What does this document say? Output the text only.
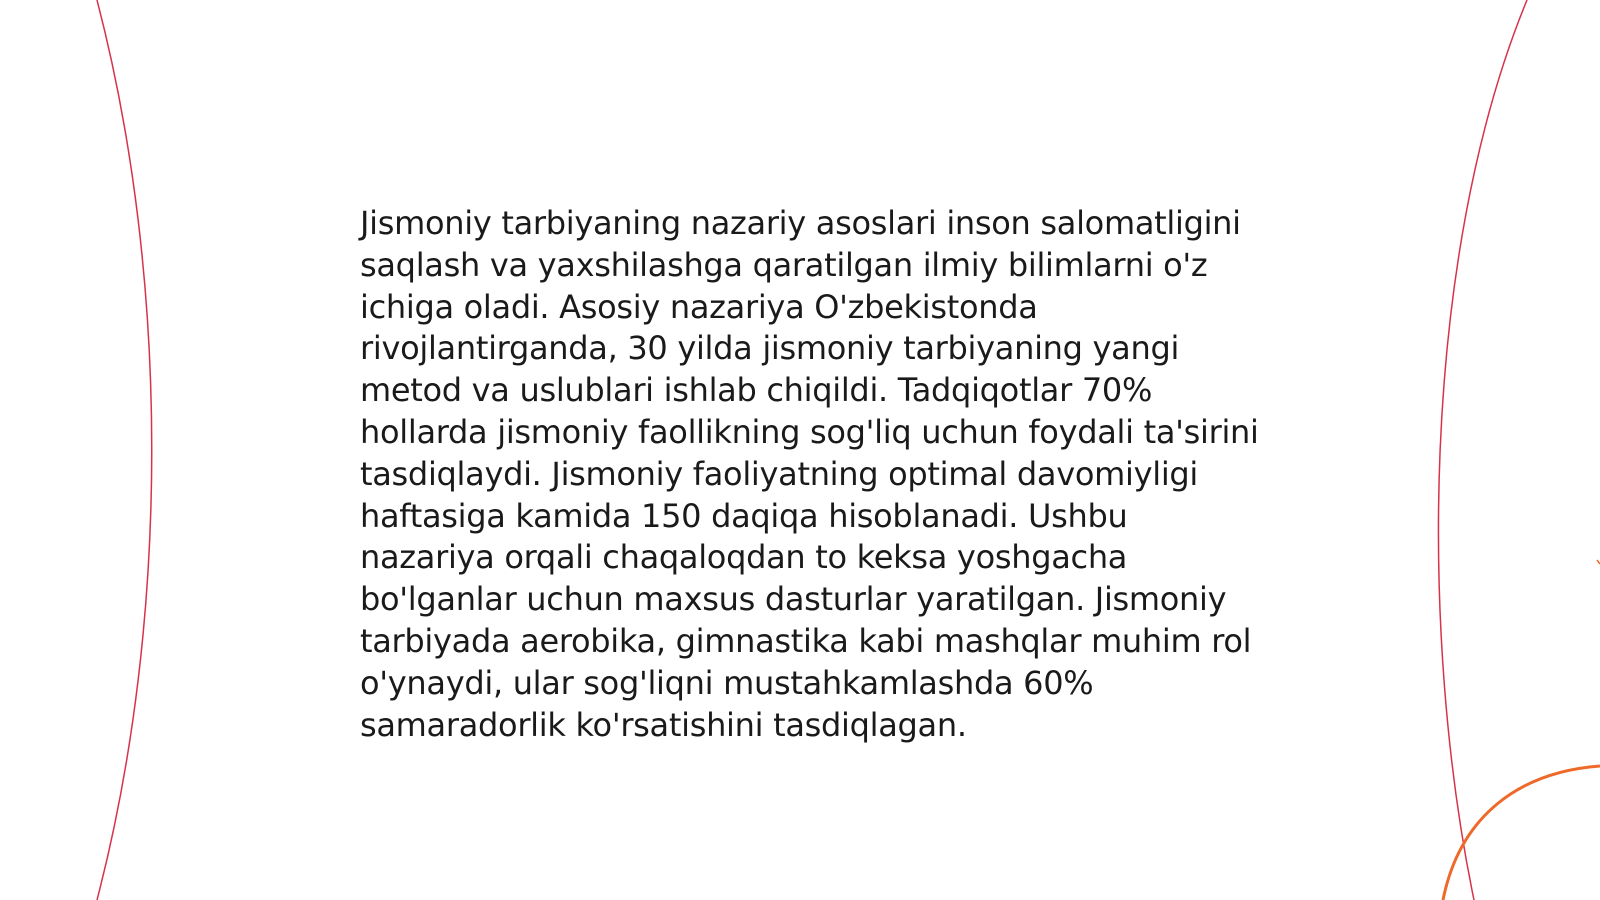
Jismoniy tarbiyaning nazariy asoslari inson salomatligini saqlash va yaxshilashga qaratilgan ilmiy bilimlarni o'z ichiga oladi. Asosiy nazariya O'zbekistonda rivojlantirganda, 30 yilda jismoniy tarbiyaning yangi metod va uslublari ishlab chiqildi. Tadqiqotlar 70% hollarda jismoniy faollikning sog'liq uchun foydali ta'sirini tasdiqlaydi. Jismoniy faoliyatning optimal davomiyligi haftasiga kamida 150 daqiqa hisoblanadi. Ushbu nazariya orqali chaqaloqdan to keksa yoshgacha bo'lganlar uchun maxsus dasturlar yaratilgan. Jismoniy tarbiyada aerobika, gimnastika kabi mashqlar muhim rol o'ynaydi, ular sog'liqni mustahkamlashda 60% samaradorlik ko'rsatishini tasdiqlagan.
